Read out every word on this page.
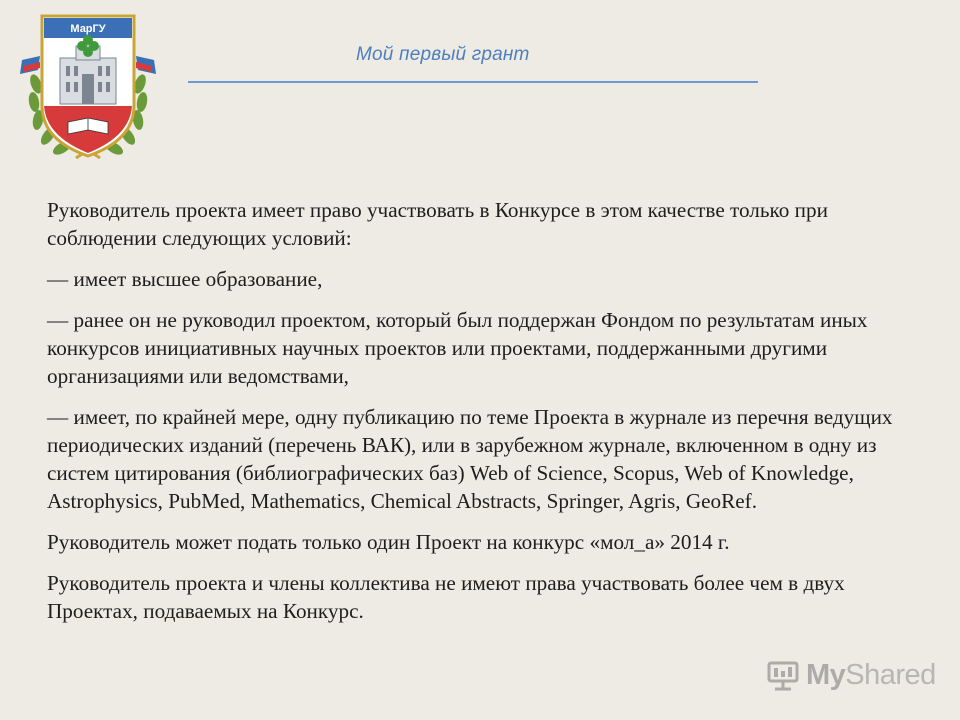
МарГУ
Мой первый грант

Руководитель проекта имеет право участвовать в Конкурсе в этом качестве только при соблюдении следующих условий:

— имеет высшее образование,

— ранее он не руководил проектом, который был поддержан Фондом по результатам иных конкурсов инициативных научных проектов или проектами, поддержанными другими организациями или ведомствами,

— имеет, по крайней мере, одну публикацию по теме Проекта в журнале из перечня ведущих периодических изданий (перечень ВАК), или в зарубежном журнале, включенном в одну из систем цитирования (библиографических баз) Web of Science, Scopus, Web of Knowledge, Astrophysics, PubMed, Mathematics, Chemical Abstracts, Springer, Agris, GeoRef.

Руководитель может подать только один Проект на конкурс «мол_а» 2014 г.

Руководитель проекта и члены коллектива не имеют права участвовать более чем в двух Проектах, подаваемых на Конкурс.

MyShared
